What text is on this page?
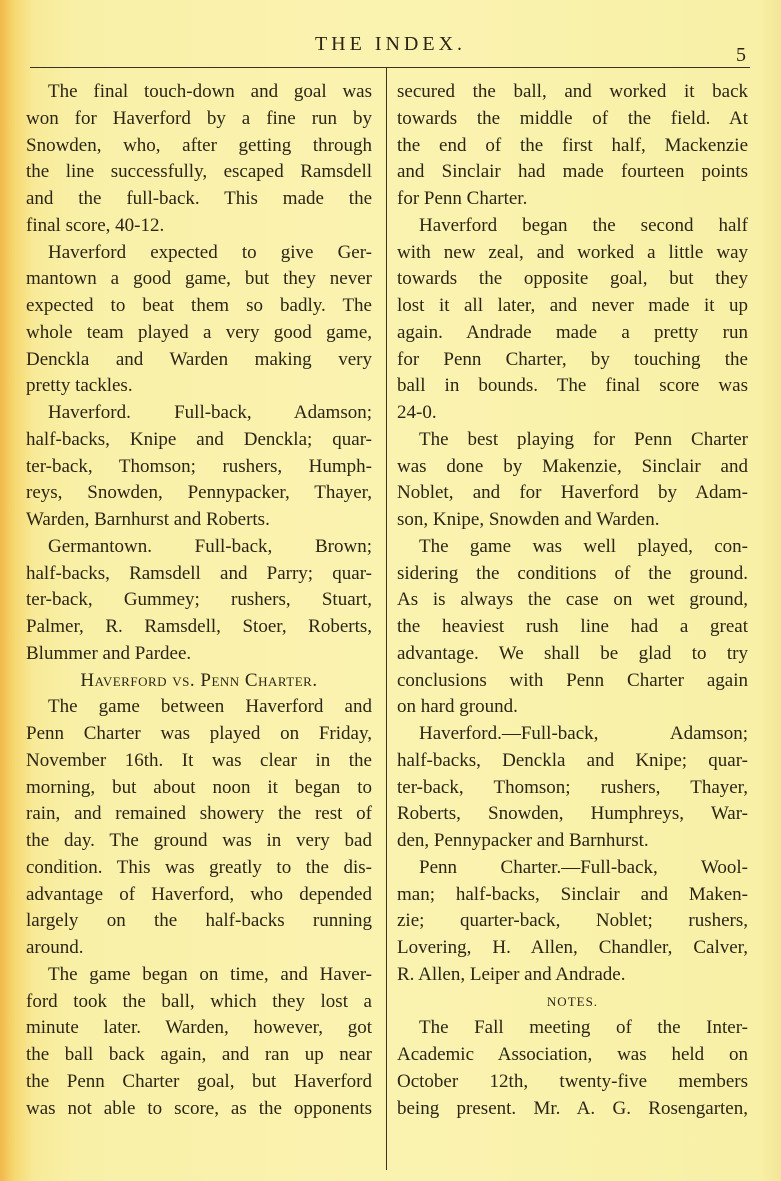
THE INDEX.	5
The final touch-down and goal was
won for Haverford by a fine run by
Snowden, who, after getting through
the line successfully, escaped Ramsdell
and the full-back. This made the
final score, 40-12.
Haverford expected to give Ger-
mantown a good game, but they never
expected to beat them so badly. The
whole team played a very good game,
Denckla and Warden making very
pretty tackles.
Haverford. Full-back, Adamson;
half-backs, Knipe and Denckla; quar-
ter-back, Thomson; rushers, Humph-
reys, Snowden, Pennypacker, Thayer,
Warden, Barnhurst and Roberts.
Germantown. Full-back, Brown;
half-backs, Ramsdell and Parry; quar-
ter-back, Gummey; rushers, Stuart,
Palmer, R. Ramsdell, Stoer, Roberts,
Blummer and Pardee.
Haverford vs. Penn Charter.
The game between Haverford and
Penn Charter was played on Friday,
November 16th. It was clear in the
morning, but about noon it began to
rain, and remained showery the rest of
the day. The ground was in very bad
condition. This was greatly to the dis-
advantage of Haverford, who depended
largely on the half-backs running
around.
The game began on time, and Haver-
ford took the ball, which they lost a
minute later. Warden, however, got
the ball back again, and ran up near
the Penn Charter goal, but Haverford
was not able to score, as the opponents
secured the ball, and worked it back
towards the middle of the field. At
the end of the first half, Mackenzie
and Sinclair had made fourteen points
for Penn Charter.
Haverford began the second half
with new zeal, and worked a little way
towards the opposite goal, but they
lost it all later, and never made it up
again. Andrade made a pretty run
for Penn Charter, by touching the
ball in bounds. The final score was
24-0.
The best playing for Penn Charter
was done by Makenzie, Sinclair and
Noblet, and for Haverford by Adam-
son, Knipe, Snowden and Warden.
The game was well played, con-
sidering the conditions of the ground.
As is always the case on wet ground,
the heaviest rush line had a great
advantage. We shall be glad to try
conclusions with Penn Charter again
on hard ground.
Haverford.—Full-back, Adamson;
half-backs, Denckla and Knipe; quar-
ter-back, Thomson; rushers, Thayer,
Roberts, Snowden, Humphreys, War-
den, Pennypacker and Barnhurst.
Penn Charter.—Full-back, Wool-
man; half-backs, Sinclair and Maken-
zie; quarter-back, Noblet; rushers,
Lovering, H. Allen, Chandler, Calver,
R. Allen, Leiper and Andrade.
NOTES.
The Fall meeting of the Inter-
Academic Association, was held on
October 12th, twenty-five members
being present. Mr. A. G. Rosengarten,
